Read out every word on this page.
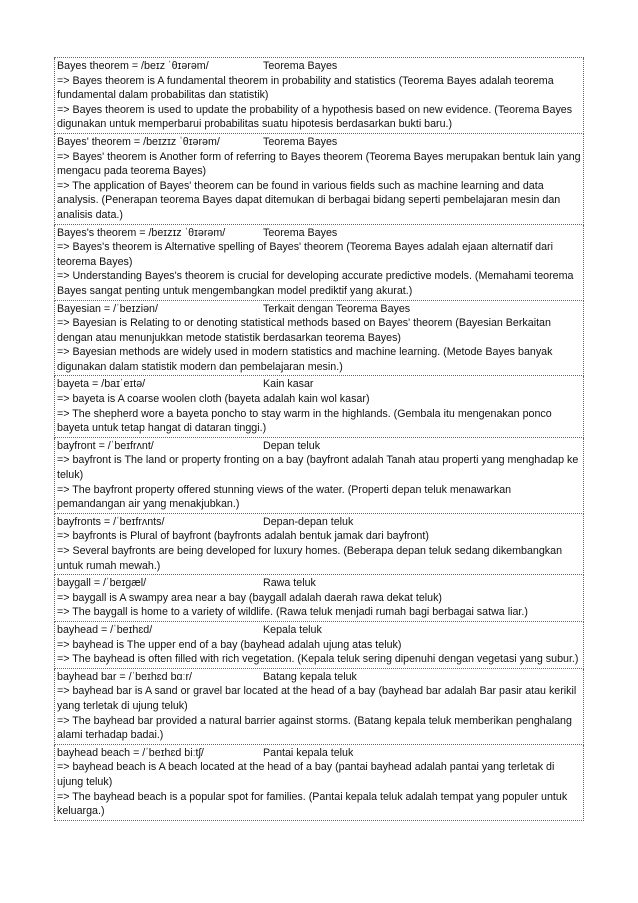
Bayes theorem = /beɪz ˈθɪərəm/	Teorema Bayes
=> Bayes theorem is A fundamental theorem in probability and statistics (Teorema Bayes adalah teorema fundamental dalam probabilitas dan statistik)
=> Bayes theorem is used to update the probability of a hypothesis based on new evidence. (Teorema Bayes digunakan untuk memperbarui probabilitas suatu hipotesis berdasarkan bukti baru.)
Bayes' theorem = /beɪzɪz ˈθɪərəm/	Teorema Bayes
=> Bayes' theorem is Another form of referring to Bayes theorem (Teorema Bayes merupakan bentuk lain yang mengacu pada teorema Bayes)
=> The application of Bayes' theorem can be found in various fields such as machine learning and data analysis. (Penerapan teorema Bayes dapat ditemukan di berbagai bidang seperti pembelajaran mesin dan analisis data.)
Bayes's theorem = /beɪzɪz ˈθɪərəm/	Teorema Bayes
=> Bayes's theorem is Alternative spelling of Bayes' theorem (Teorema Bayes adalah ejaan alternatif dari teorema Bayes)
=> Understanding Bayes's theorem is crucial for developing accurate predictive models. (Memahami teorema Bayes sangat penting untuk mengembangkan model prediktif yang akurat.)
Bayesian = /ˈbeɪziən/	Terkait dengan Teorema Bayes
=> Bayesian is Relating to or denoting statistical methods based on Bayes' theorem (Bayesian Berkaitan dengan atau menunjukkan metode statistik berdasarkan teorema Bayes)
=> Bayesian methods are widely used in modern statistics and machine learning. (Metode Bayes banyak digunakan dalam statistik modern dan pembelajaran mesin.)
bayeta = /baɪˈeɪtə/	Kain kasar
=> bayeta is A coarse woolen cloth (bayeta adalah kain wol kasar)
=> The shepherd wore a bayeta poncho to stay warm in the highlands. (Gembala itu mengenakan ponco bayeta untuk tetap hangat di dataran tinggi.)
bayfront = /ˈbeɪfrʌnt/	Depan teluk
=> bayfront is The land or property fronting on a bay (bayfront adalah Tanah atau properti yang menghadap ke teluk)
=> The bayfront property offered stunning views of the water. (Properti depan teluk menawarkan pemandangan air yang menakjubkan.)
bayfronts = /ˈbeɪfrʌnts/	Depan-depan teluk
=> bayfronts is Plural of bayfront (bayfronts adalah bentuk jamak dari bayfront)
=> Several bayfronts are being developed for luxury homes. (Beberapa depan teluk sedang dikembangkan untuk rumah mewah.)
baygall = /ˈbeɪgæl/	Rawa teluk
=> baygall is A swampy area near a bay (baygall adalah daerah rawa dekat teluk)
=> The baygall is home to a variety of wildlife. (Rawa teluk menjadi rumah bagi berbagai satwa liar.)
bayhead = /ˈbeɪhɛd/	Kepala teluk
=> bayhead is The upper end of a bay (bayhead adalah ujung atas teluk)
=> The bayhead is often filled with rich vegetation. (Kepala teluk sering dipenuhi dengan vegetasi yang subur.)
bayhead bar = /ˈbeɪhɛd bɑːr/	Batang kepala teluk
=> bayhead bar is A sand or gravel bar located at the head of a bay (bayhead bar adalah Bar pasir atau kerikil yang terletak di ujung teluk)
=> The bayhead bar provided a natural barrier against storms. (Batang kepala teluk memberikan penghalang alami terhadap badai.)
bayhead beach = /ˈbeɪhɛd biːtʃ/	Pantai kepala teluk
=> bayhead beach is A beach located at the head of a bay (pantai bayhead adalah pantai yang terletak di ujung teluk)
=> The bayhead beach is a popular spot for families. (Pantai kepala teluk adalah tempat yang populer untuk keluarga.)
